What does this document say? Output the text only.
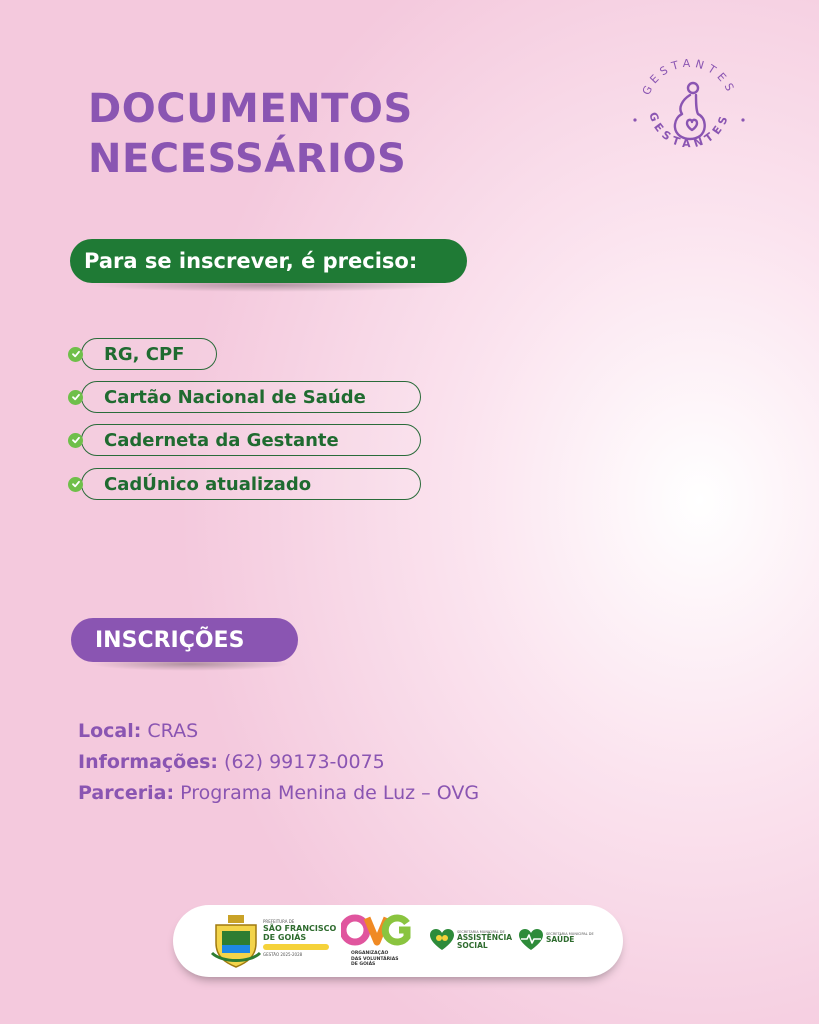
DOCUMENTOS
NECESSÁRIOS
GESTANTES
GESTANTES
Para se inscrever, é preciso:
RG, CPF
Cartão Nacional de Saúde
Caderneta da Gestante
CadÚnico atualizado
INSCRIÇÕES
Local: CRAS
Informações: (62) 99173-0075
Parceria: Programa Menina de Luz – OVG
PREFEITURA DE
SÃO FRANCISCO
DE GOIÁS
GESTÃO 2025-2028	ORGANIZAÇÃO
DAS VOLUNTÁRIAS
DE GOIÁS
SECRETARIA MUNICIPAL DE
ASSISTÊNCIA
SOCIAL
SECRETARIA MUNICIPAL DE
SAÚDE
